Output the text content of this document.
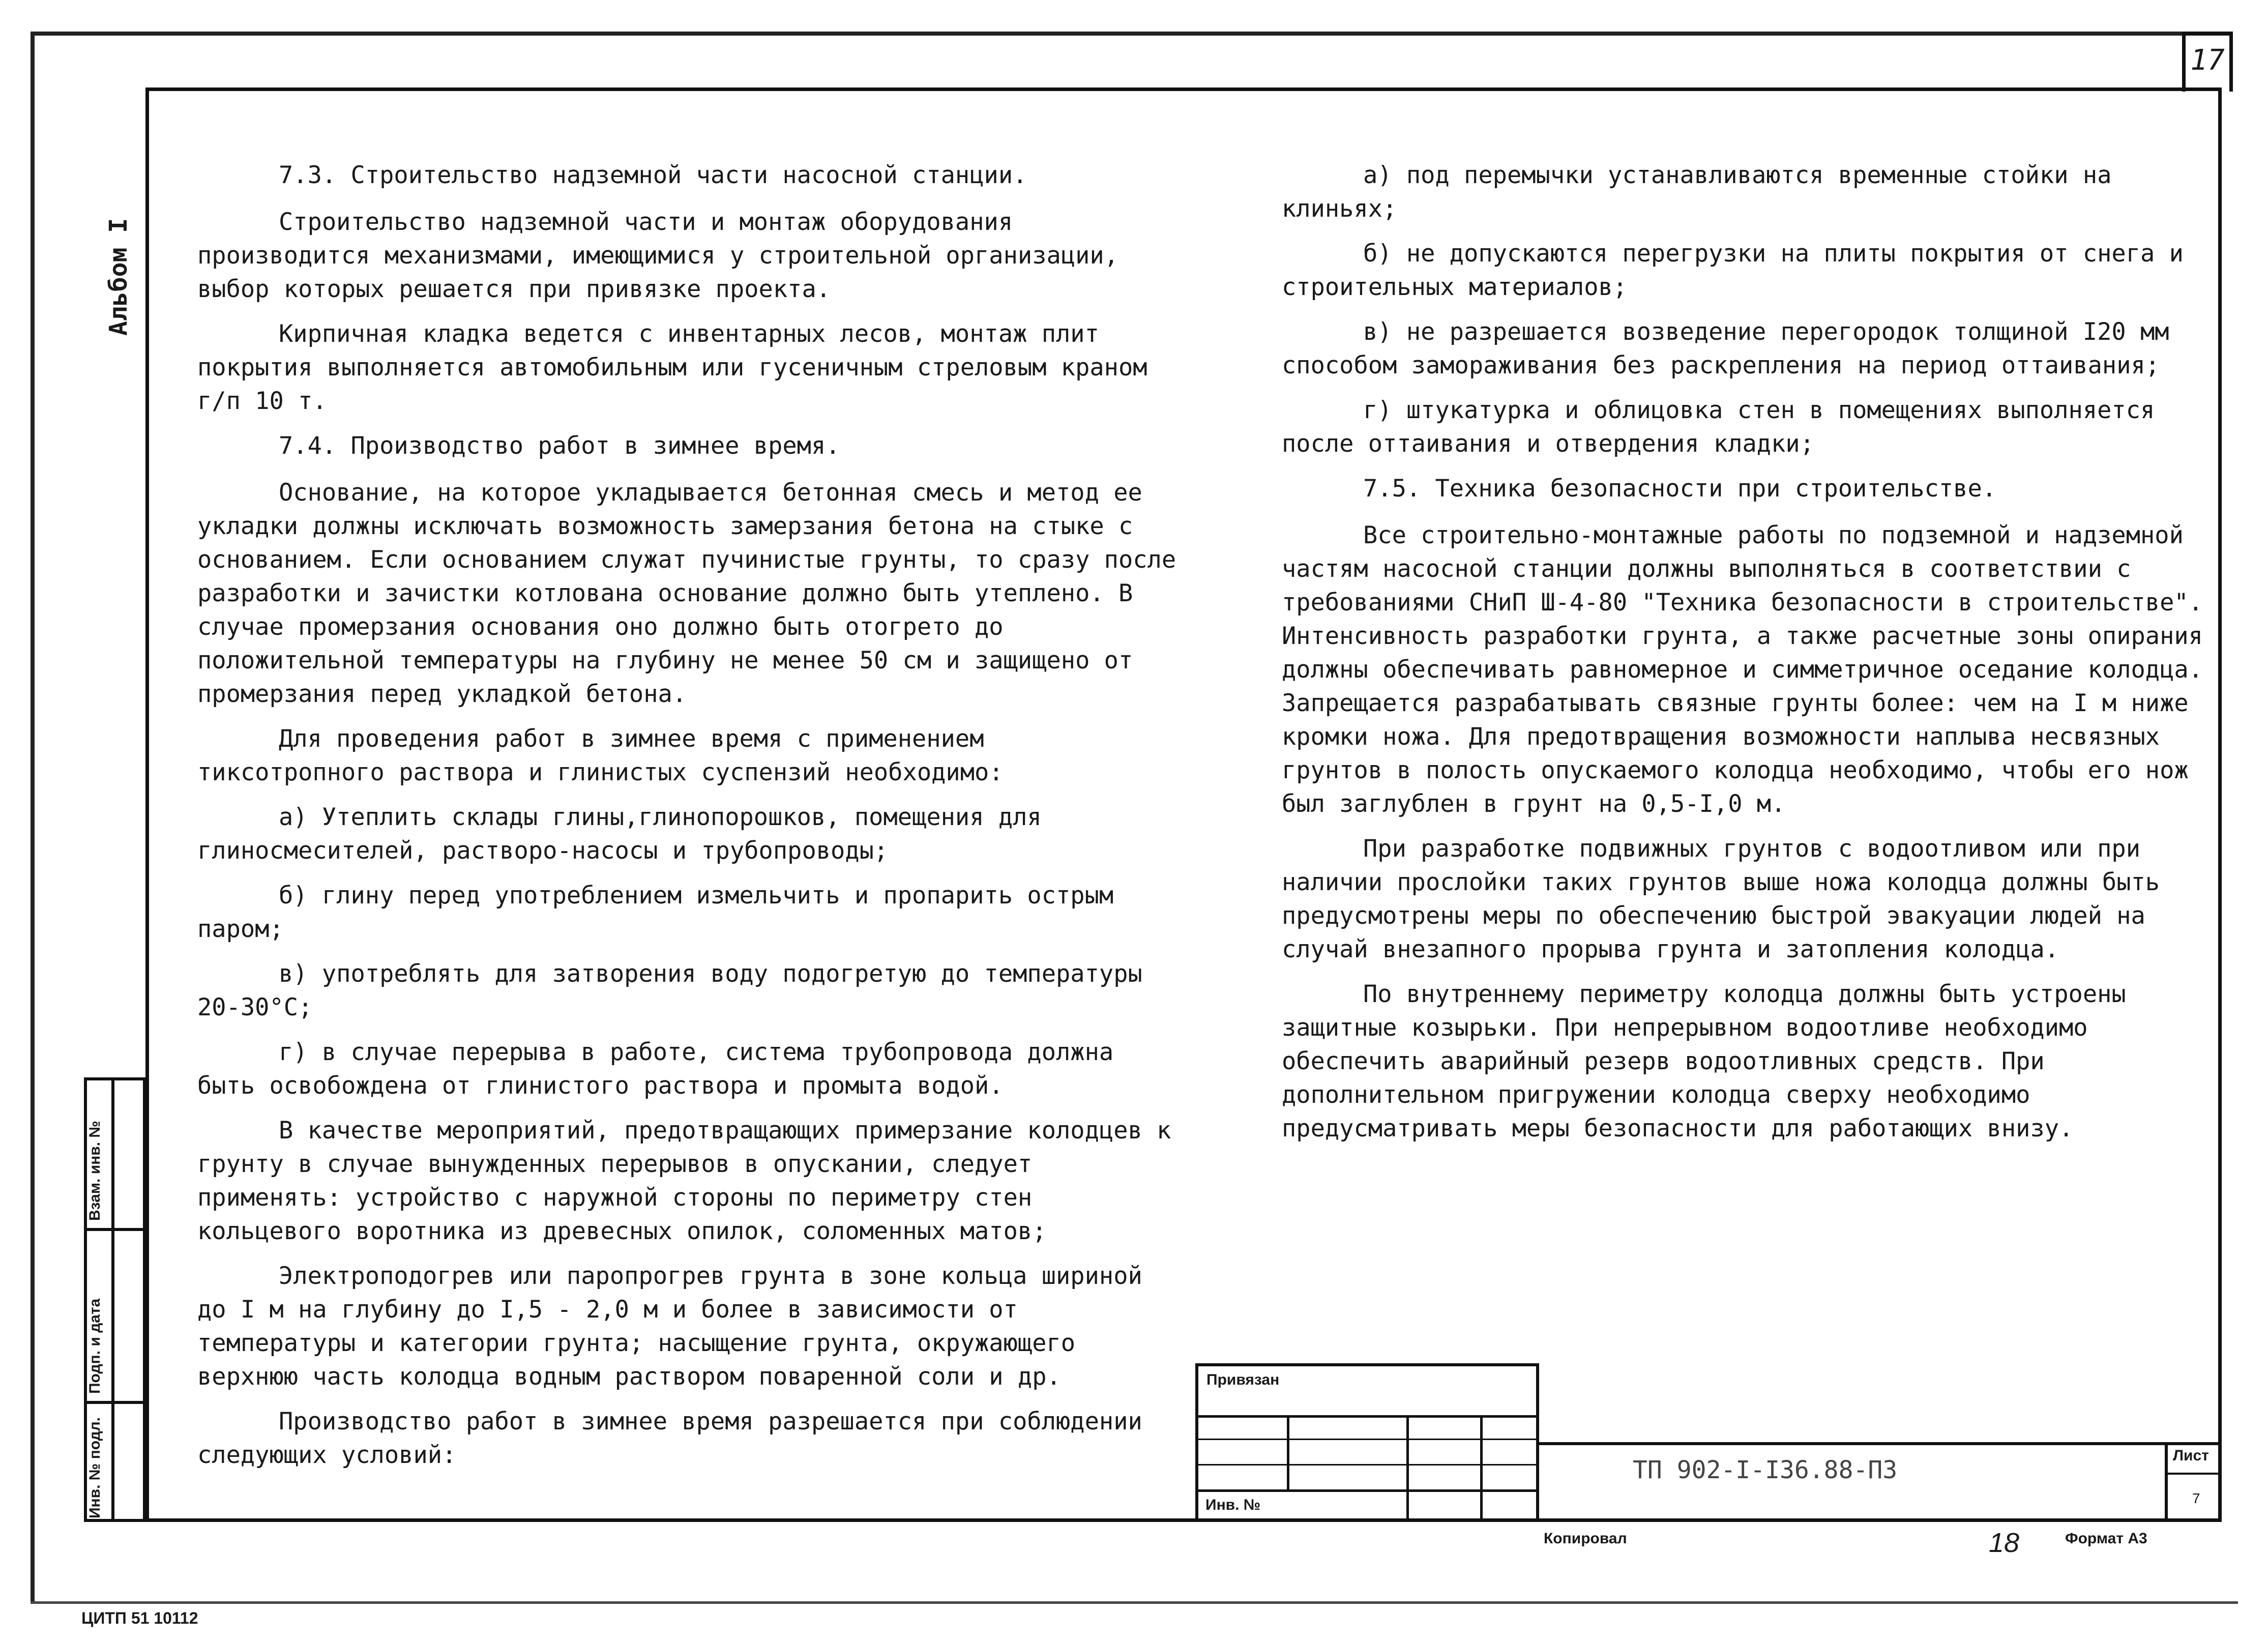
17
Альбом I

7.3. Строительство надземной части насосной станции.

Строительство надземной части и монтаж оборудования производится механизмами, имеющимися у строительной организации, выбор которых решается при привязке проекта.

Кирпичная кладка ведется с инвентарных лесов, монтаж плит покрытия выполняется автомобильным или гусеничным стреловым краном г/п 10 т.

7.4. Производство работ в зимнее время.

Основание, на которое укладывается бетонная смесь и метод ее укладки должны исключать возможность замерзания бетона на стыке с основанием. Если основанием служат пучинистые грунты, то сразу после разработки и зачистки котлована основание должно быть утеплено. В случае промерзания основания оно должно быть отогрето до положительной температуры на глубину не менее 50 см и защищено от промерзания перед укладкой бетона.

Для проведения работ в зимнее время с применением тиксотропного раствора и глинистых суспензий необходимо:

а) Утеплить склады глины,глинопорошков, помещения для глиносмесителей, растворо-насосы и трубопроводы;

б) глину перед употреблением измельчить и пропарить острым паром;

в) употреблять для затворения воду подогретую до температуры 20-30°С;

г) в случае перерыва в работе, система трубопровода должна быть освобождена от глинистого раствора и промыта водой.

В качестве мероприятий, предотвращающих примерзание колодцев к грунту в случае вынужденных перерывов в опускании, следует применять: устройство с наружной стороны по периметру стен кольцевого воротника из древесных опилок, соломенных матов;

Электроподогрев или паропрогрев грунта в зоне кольца шириной до I м на глубину до I,5 - 2,0 м и более в зависимости от температуры и категории грунта; насыщение грунта, окружающего верхнюю часть колодца водным раствором поваренной соли и др.

Производство работ в зимнее время разрешается при соблюдении следующих условий:

а) под перемычки устанавливаются временные стойки на клиньях;

б) не допускаются перегрузки на плиты покрытия от снега и строительных материалов;

в) не разрешается возведение перегородок толщиной I20 мм способом замораживания без раскрепления на период оттаивания;

г) штукатурка и облицовка стен в помещениях выполняется после оттаивания и отвердения кладки;

7.5. Техника безопасности при строительстве.

Все строительно-монтажные работы по подземной и надземной частям насосной станции должны выполняться в соответствии с требованиями СНиП Ш-4-80 "Техника безопасности в строительстве". Интенсивность разработки грунта, а также расчетные зоны опирания должны обеспечивать равномерное и симметричное оседание колодца. Запрещается разрабатывать связные грунты более: чем на I м ниже кромки ножа. Для предотвращения возможности наплыва несвязных грунтов в полость опускаемого колодца необходимо, чтобы его нож был заглублен в грунт на 0,5-I,0 м.

При разработке подвижных грунтов с водоотливом или при наличии прослойки таких грунтов выше ножа колодца должны быть предусмотрены меры по обеспечению быстрой эвакуации людей на случай внезапного прорыва грунта и затопления колодца.

По внутреннему периметру колодца должны быть устроены защитные козырьки. При непрерывном водоотливе необходимо обеспечить аварийный резерв водоотливных средств. При дополнительном пригружении колодца сверху необходимо предусматривать меры безопасности для работающих внизу.

Инв. № подл.
Подп. и дата
Взам. инв. №
Привязан
Инв. №
ТП 902-I-I36.88-ПЗ
Лист
7
Копировал	18	Формат А3
ЦИТП 51 10112
